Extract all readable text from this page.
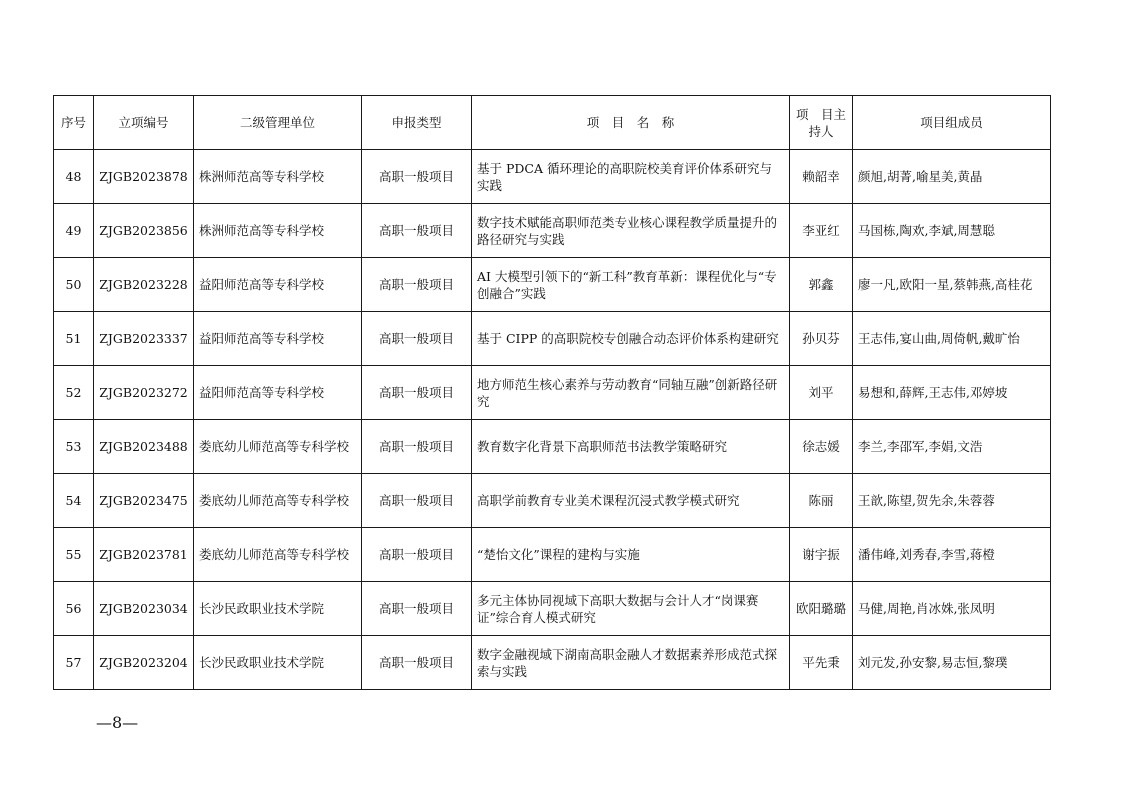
序号	立项编号	二级管理单位	申报类型	项　目　名　称	项　目主持人	项目组成员
48	ZJGB2023878	株洲师范高等专科学校	高职一般项目	基于 PDCA 循环理论的高职院校美育评价体系研究与实践	赖韶幸	颜旭,胡菁,喻星美,黄晶
49	ZJGB2023856	株洲师范高等专科学校	高职一般项目	数字技术赋能高职师范类专业核心课程教学质量提升的路径研究与实践	李亚红	马国栋,陶欢,李斌,周慧聪
50	ZJGB2023228	益阳师范高等专科学校	高职一般项目	AI 大模型引领下的“新工科”教育革新：课程优化与“专创融合”实践	郭鑫	廖一凡,欧阳一星,蔡韩燕,高桂花
51	ZJGB2023337	益阳师范高等专科学校	高职一般项目	基于 CIPP 的高职院校专创融合动态评价体系构建研究	孙贝芬	王志伟,宴山曲,周倚帆,戴旷怡
52	ZJGB2023272	益阳师范高等专科学校	高职一般项目	地方师范生核心素养与劳动教育“同轴互融”创新路径研究	刘平	易想和,薛辉,王志伟,邓婷坡
53	ZJGB2023488	娄底幼儿师范高等专科学校	高职一般项目	教育数字化背景下高职师范书法教学策略研究	徐志媛	李兰,李邵军,李娟,文浩
54	ZJGB2023475	娄底幼儿师范高等专科学校	高职一般项目	高职学前教育专业美术课程沉浸式教学模式研究	陈丽	王歆,陈望,贺先余,朱蓉蓉
55	ZJGB2023781	娄底幼儿师范高等专科学校	高职一般项目	“楚怡文化”课程的建构与实施	谢宇振	潘伟峰,刘秀春,李雪,蒋橙
56	ZJGB2023034	长沙民政职业技术学院	高职一般项目	多元主体协同视域下高职大数据与会计人才“岗课赛证”综合育人模式研究	欧阳璐璐	马健,周艳,肖冰姝,张凤明
57	ZJGB2023204	长沙民政职业技术学院	高职一般项目	数字金融视域下湖南高职金融人才数据素养形成范式探索与实践	平先秉	刘元发,孙安黎,易志恒,黎璞
—8—
